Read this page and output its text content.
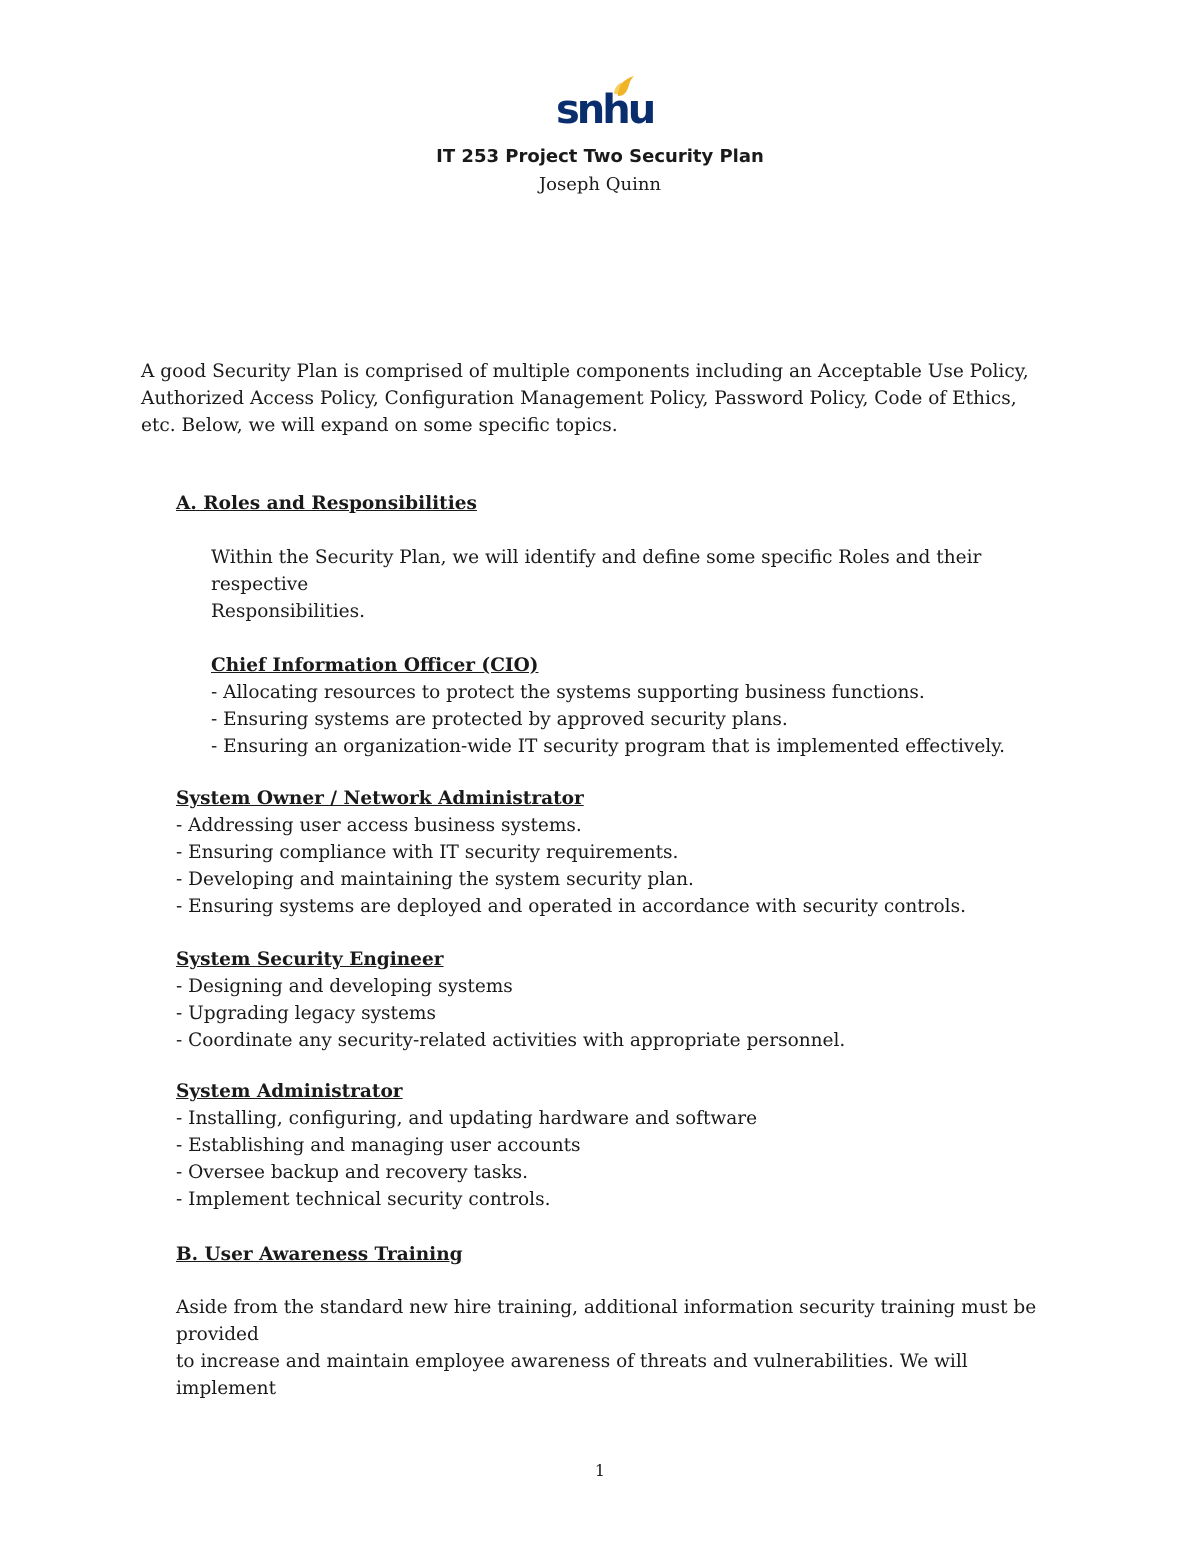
snhu
IT 253 Project Two Security Plan

Joseph Quinn

A good Security Plan is comprised of multiple components including an Acceptable Use Policy,
Authorized Access Policy, Configuration Management Policy, Password Policy, Code of Ethics,
etc. Below, we will expand on some specific topics.

A. Roles and Responsibilities

Within the Security Plan, we will identify and define some specific Roles and their
respective
Responsibilities.

Chief Information Officer (CIO)
- Allocating resources to protect the systems supporting business functions.
- Ensuring systems are protected by approved security plans.
- Ensuring an organization-wide IT security program that is implemented effectively.
System Owner / Network Administrator
- Addressing user access business systems.
- Ensuring compliance with IT security requirements.
- Developing and maintaining the system security plan.
- Ensuring systems are deployed and operated in accordance with security controls.
System Security Engineer
- Designing and developing systems
- Upgrading legacy systems
- Coordinate any security-related activities with appropriate personnel.
System Administrator
- Installing, configuring, and updating hardware and software
- Establishing and managing user accounts
- Oversee backup and recovery tasks.
- Implement technical security controls.

B. User Awareness Training

Aside from the standard new hire training, additional information security training must be
provided
to increase and maintain employee awareness of threats and vulnerabilities. We will
implement

1
